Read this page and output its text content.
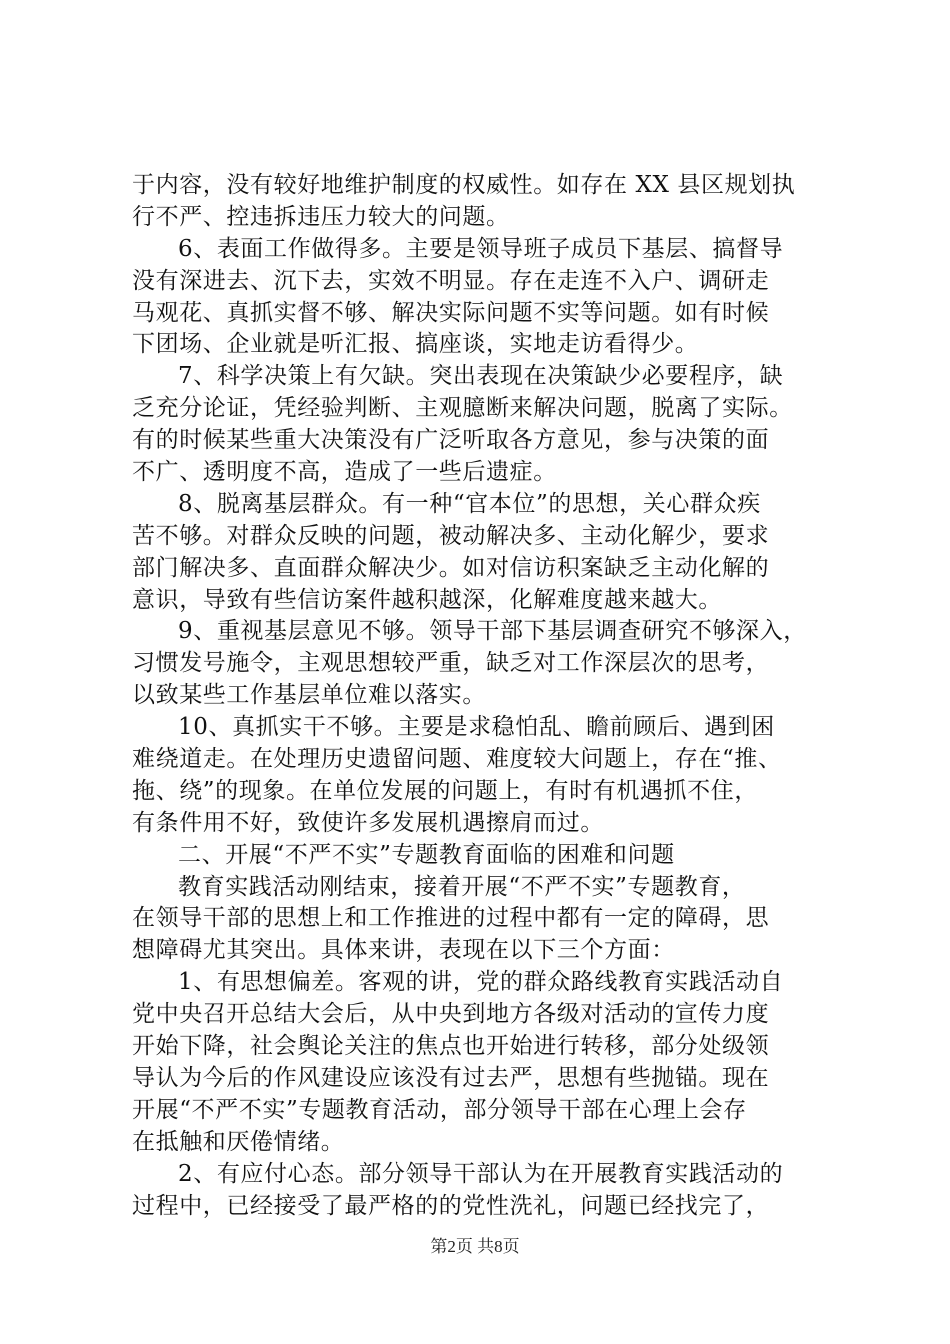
于内容，没有较好地维护制度的权威性。如存在 XX 县区规划执
行不严、控违拆违压力较大的问题。
6、表面工作做得多。主要是领导班子成员下基层、搞督导
没有深进去、沉下去，实效不明显。存在走连不入户、调研走
马观花、真抓实督不够、解决实际问题不实等问题。如有时候
下团场、企业就是听汇报、搞座谈，实地走访看得少。
7、科学决策上有欠缺。突出表现在决策缺少必要程序，缺
乏充分论证，凭经验判断、主观臆断来解决问题，脱离了实际。
有的时候某些重大决策没有广泛听取各方意见，参与决策的面
不广、透明度不高，造成了一些后遗症。
8、脱离基层群众。有一种“官本位”的思想，关心群众疾
苦不够。对群众反映的问题，被动解决多、主动化解少，要求
部门解决多、直面群众解决少。如对信访积案缺乏主动化解的
意识，导致有些信访案件越积越深，化解难度越来越大。
9、重视基层意见不够。领导干部下基层调查研究不够深入，
习惯发号施令，主观思想较严重，缺乏对工作深层次的思考，
以致某些工作基层单位难以落实。
10、真抓实干不够。主要是求稳怕乱、瞻前顾后、遇到困
难绕道走。在处理历史遗留问题、难度较大问题上，存在“推、
拖、绕”的现象。在单位发展的问题上，有时有机遇抓不住，
有条件用不好，致使许多发展机遇擦肩而过。
二、开展“不严不实”专题教育面临的困难和问题
教育实践活动刚结束，接着开展“不严不实”专题教育，
在领导干部的思想上和工作推进的过程中都有一定的障碍，思
想障碍尤其突出。具体来讲，表现在以下三个方面：
1、有思想偏差。客观的讲，党的群众路线教育实践活动自
党中央召开总结大会后，从中央到地方各级对活动的宣传力度
开始下降，社会舆论关注的焦点也开始进行转移，部分处级领
导认为今后的作风建设应该没有过去严，思想有些抛锚。现在
开展“不严不实”专题教育活动，部分领导干部在心理上会存
在抵触和厌倦情绪。
2、有应付心态。部分领导干部认为在开展教育实践活动的
过程中，已经接受了最严格的的党性洗礼，问题已经找完了，
第2页 共8页
